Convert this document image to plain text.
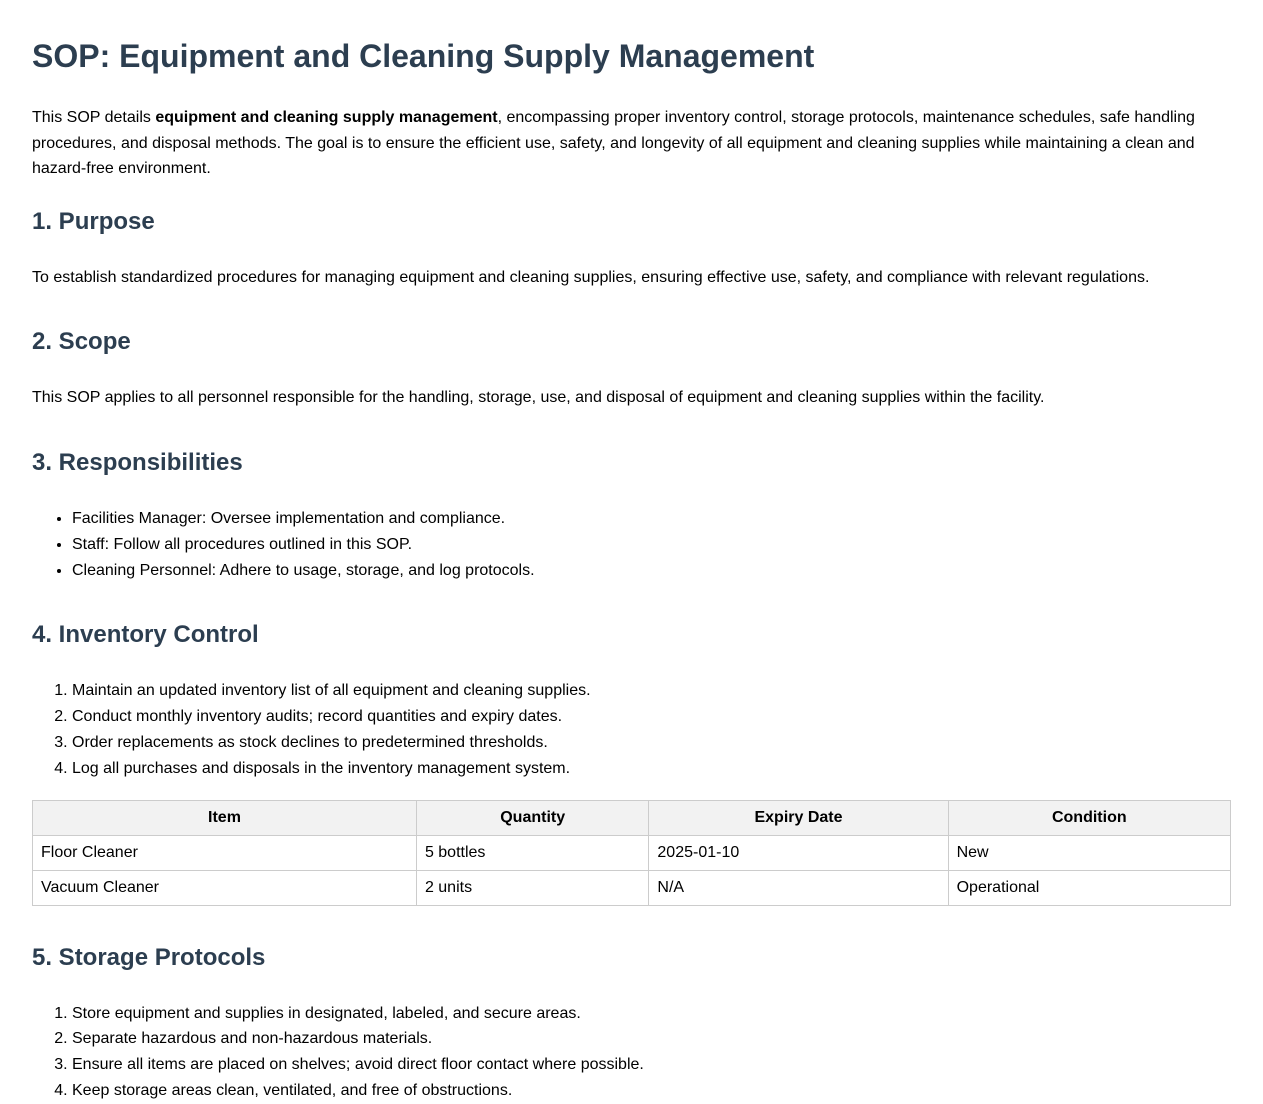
SOP: Equipment and Cleaning Supply Management

This SOP details equipment and cleaning supply management, encompassing proper inventory control, storage protocols, maintenance schedules, safe handling procedures, and disposal methods. The goal is to ensure the efficient use, safety, and longevity of all equipment and cleaning supplies while maintaining a clean and hazard-free environment.

1. Purpose

To establish standardized procedures for managing equipment and cleaning supplies, ensuring effective use, safety, and compliance with relevant regulations.

2. Scope

This SOP applies to all personnel responsible for the handling, storage, use, and disposal of equipment and cleaning supplies within the facility.

3. Responsibilities
• Facilities Manager: Oversee implementation and compliance.
• Staff: Follow all procedures outlined in this SOP.
• Cleaning Personnel: Adhere to usage, storage, and log protocols.
4. Inventory Control
1. Maintain an updated inventory list of all equipment and cleaning supplies.
2. Conduct monthly inventory audits; record quantities and expiry dates.
3. Order replacements as stock declines to predetermined thresholds.
4. Log all purchases and disposals in the inventory management system.
Item	Quantity	Expiry Date	Condition
Floor Cleaner	5 bottles	2025-01-10	New
Vacuum Cleaner	2 units	N/A	Operational
5. Storage Protocols
1. Store equipment and supplies in designated, labeled, and secure areas.
2. Separate hazardous and non-hazardous materials.
3. Ensure all items are placed on shelves; avoid direct floor contact where possible.
4. Keep storage areas clean, ventilated, and free of obstructions.
